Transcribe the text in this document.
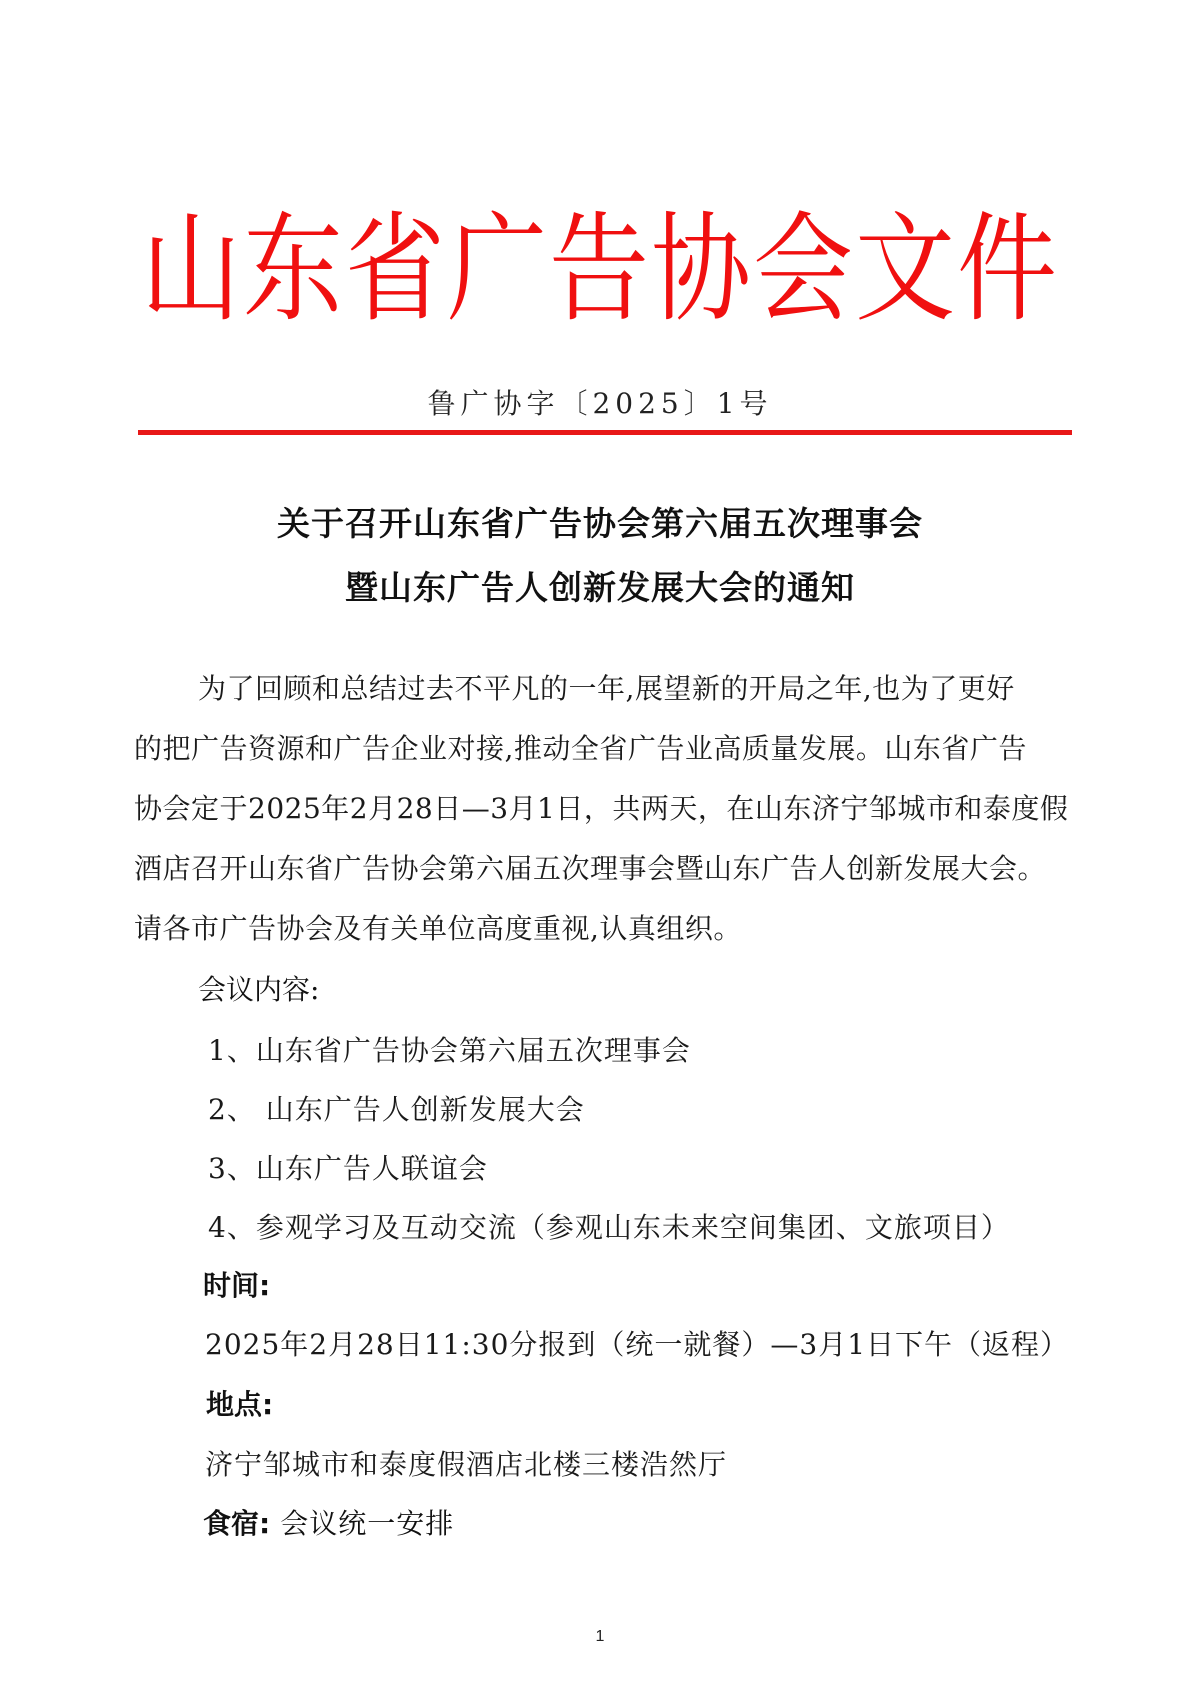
山东省广告协会文件
鲁广协字〔2025〕1号
关于召开山东省广告协会第六届五次理事会
暨山东广告人创新发展大会的通知
为了回顾和总结过去不平凡的一年,展望新的开局之年,也为了更好
的把广告资源和广告企业对接,推动全省广告业高质量发展。山东省广告
协会定于2025年2月28日—3月1日，共两天，在山东济宁邹城市和泰度假
酒店召开山东省广告协会第六届五次理事会暨山东广告人创新发展大会。
请各市广告协会及有关单位高度重视,认真组织。
会议内容:
1、山东省广告协会第六届五次理事会
2、 山东广告人创新发展大会
3、山东广告人联谊会
4、参观学习及互动交流（参观山东未来空间集团、文旅项目）
时间:
2025年2月28日11:30分报到（统一就餐）—3月1日下午（返程）
地点:
济宁邹城市和泰度假酒店北楼三楼浩然厅
食宿: 会议统一安排
1
